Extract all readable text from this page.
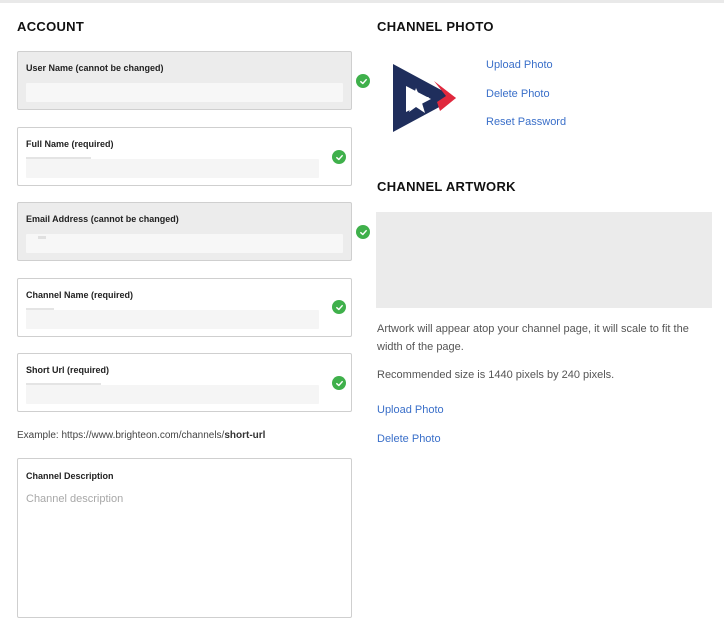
ACCOUNT
User Name (cannot be changed)
Full Name (required)
Email Address (cannot be changed)
Channel Name (required)
Short Url (required)
Example: https://www.brighteon.com/channels/short-url
Channel Description
Channel description
CHANNEL PHOTO
Upload Photo
Delete Photo
Reset Password
CHANNEL ARTWORK
Artwork will appear atop your channel page, it will scale to fit the width of the page.
Recommended size is 1440 pixels by 240 pixels.
Upload Photo
Delete Photo
